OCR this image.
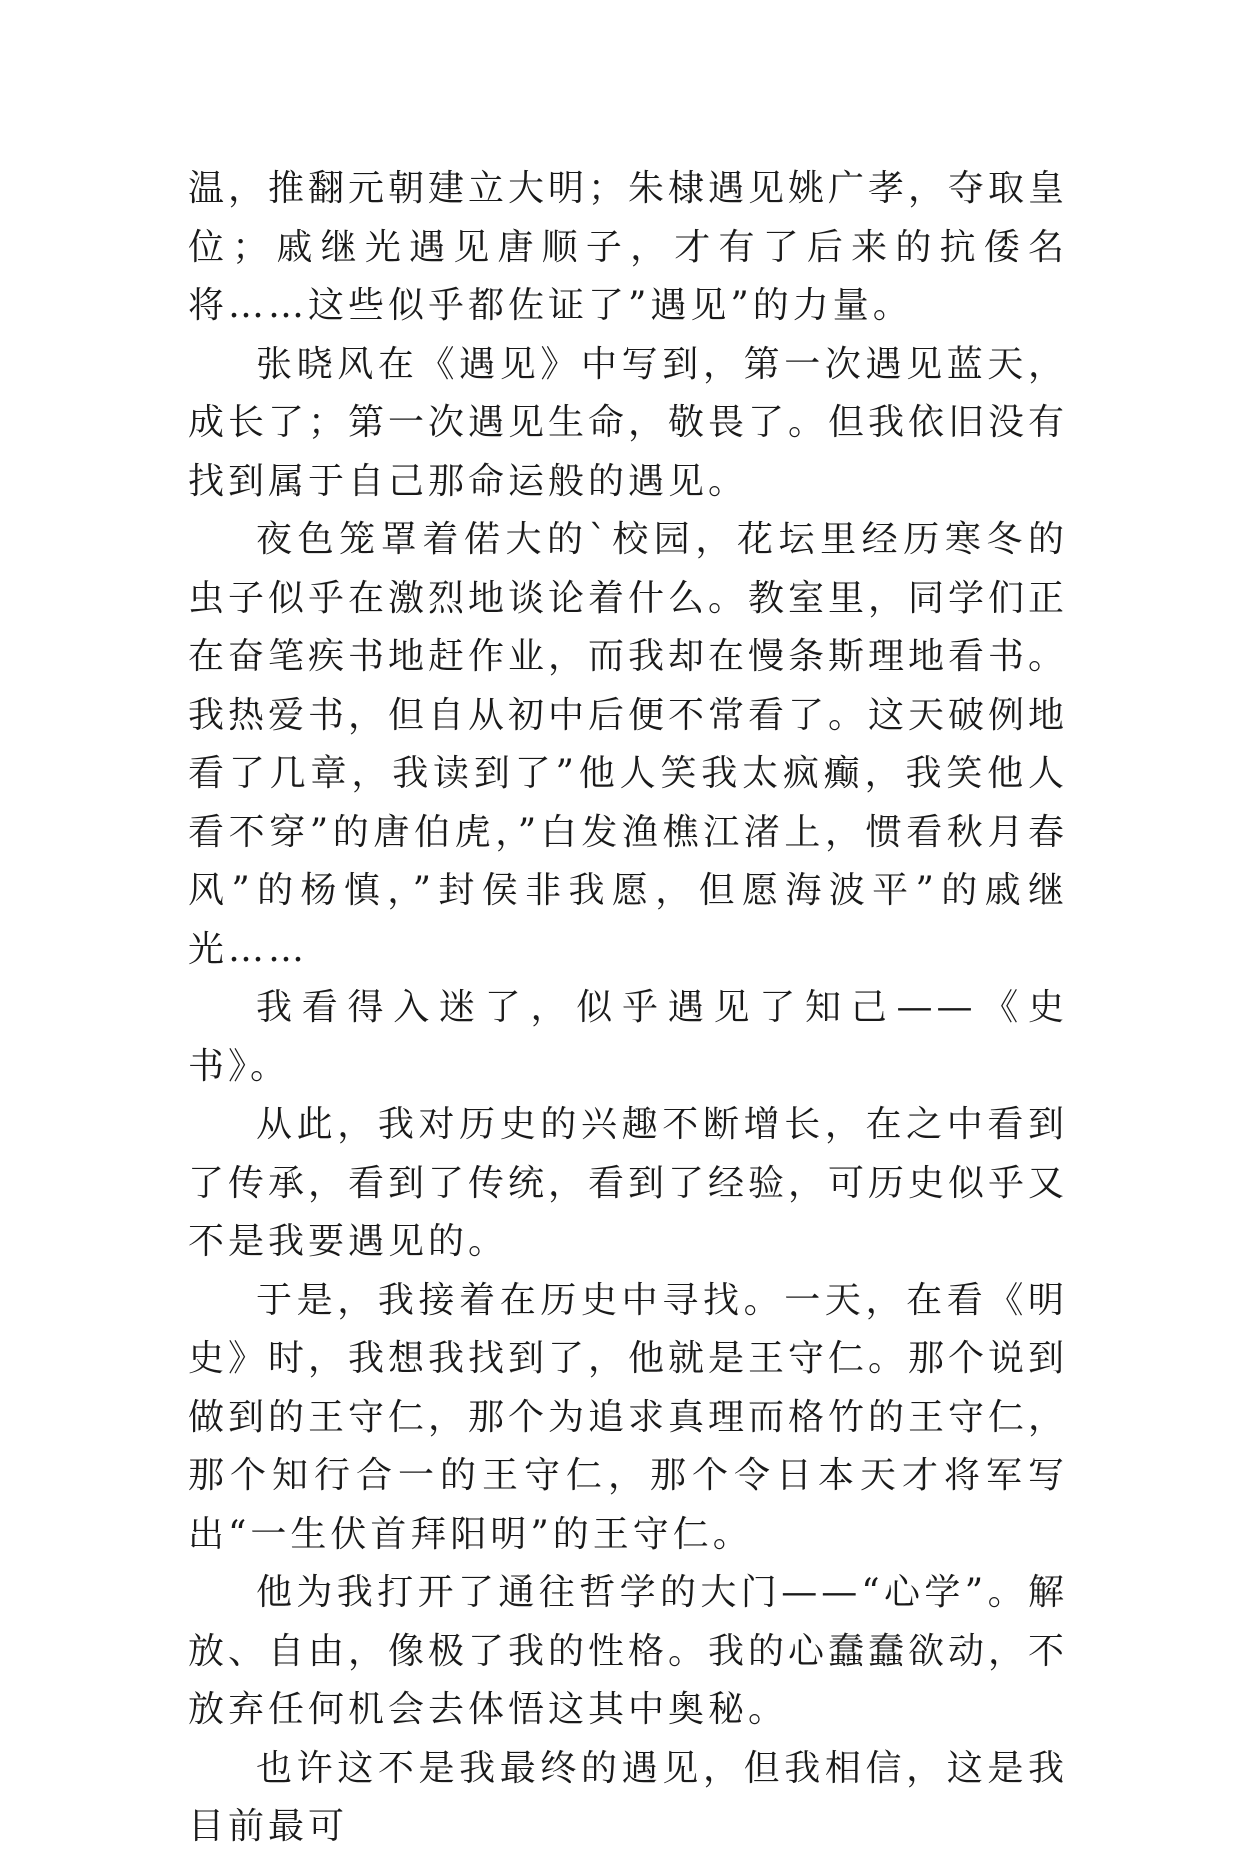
温，推翻元朝建立大明；朱棣遇见姚广孝，夺取皇位；戚继光遇见唐顺子，才有了后来的抗倭名将……这些似乎都佐证了”遇见”的力量。

张晓风在《遇见》中写到，第一次遇见蓝天，成长了；第一次遇见生命，敬畏了。但我依旧没有找到属于自己那命运般的遇见。

夜色笼罩着偌大的`校园，花坛里经历寒冬的虫子似乎在激烈地谈论着什么。教室里，同学们正在奋笔疾书地赶作业，而我却在慢条斯理地看书。我热爱书，但自从初中后便不常看了。这天破例地看了几章，我读到了”他人笑我太疯癫，我笑他人看不穿”的唐伯虎，”白发渔樵江渚上，惯看秋月春风”的杨慎，”封侯非我愿，但愿海波平”的戚继光……

我看得入迷了，似乎遇见了知己——《史书》。

从此，我对历史的兴趣不断增长，在之中看到了传承，看到了传统，看到了经验，可历史似乎又不是我要遇见的。

于是，我接着在历史中寻找。一天，在看《明史》时，我想我找到了，他就是王守仁。那个说到做到的王守仁，那个为追求真理而格竹的王守仁，那个知行合一的王守仁，那个令日本天才将军写出“一生伏首拜阳明”的王守仁。

他为我打开了通往哲学的大门——“心学”。解放、自由，像极了我的性格。我的心蠢蠢欲动，不放弃任何机会去体悟这其中奥秘。

也许这不是我最终的遇见，但我相信，这是我目前最可
